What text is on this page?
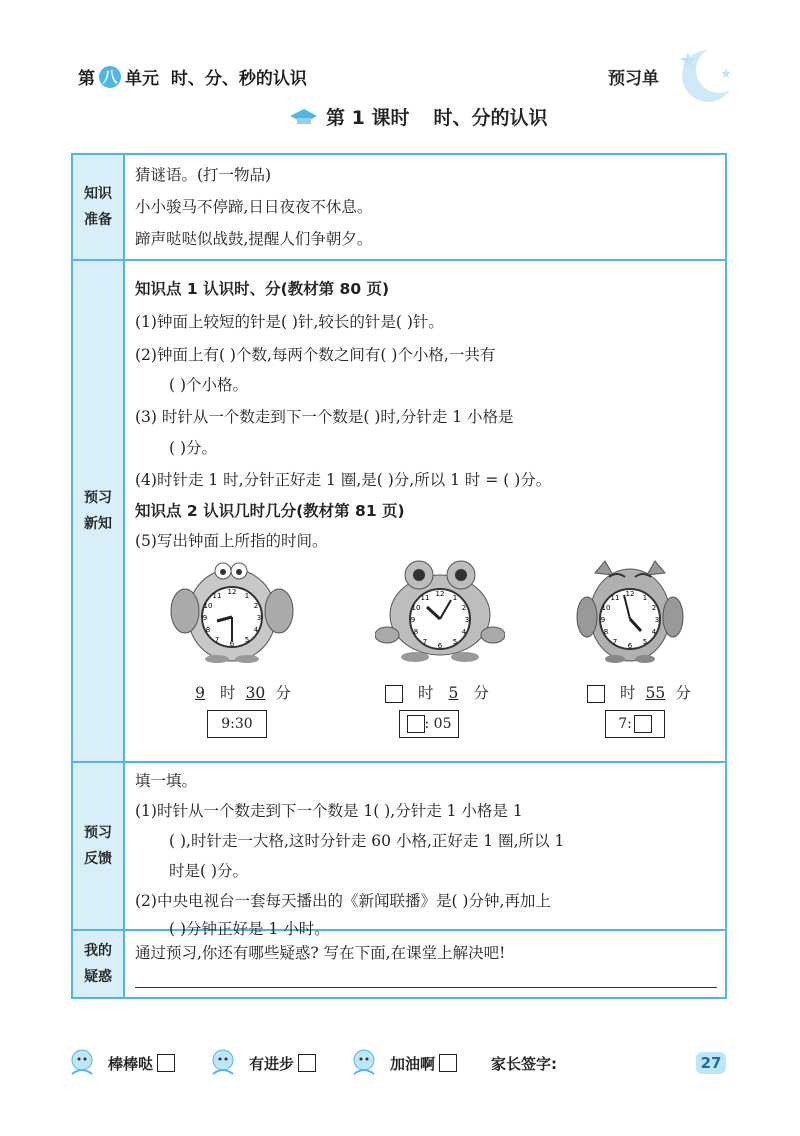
第 八 单元  时、分、秒的认识	预习单
第 1 课时 时、分的认识
知识
准备
猜谜语。(打一物品)
小小骏马不停蹄,日日夜夜不休息。
蹄声哒哒似战鼓,提醒人们争朝夕。
预习
新知
知识点 1 认识时、分(教材第 80 页)
(1)钟面上较短的针是( )针,较长的针是( )针。
(2)钟面上有( )个数,每两个数之间有( )个小格,一共有
( )个小格。
(3) 时针从一个数走到下一个数是( )时,分针走 1 小格是
( )分。
(4)时针走 1 时,分针正好走 1 圈,是( )分,所以 1 时 = ( )分。
知识点 2 认识几时几分(教材第 81 页)
(5)写出钟面上所指的时间。
12 1
2
3
4
5
6
7
8
9
10
11	12 1
2
3
4
5
6
7
8
9
10
11	12 1
2
3
4
5
6
7
8
9
10
11
9 时 30 分
9:30
时 5 分
: 05
时 55 分
7:
预习
反馈
填一填。
(1)时针从一个数走到下一个数是 1( ),分针走 1 小格是 1
( ),时针走一大格,这时分针走 60 小格,正好走 1 圈,所以 1
时是( )分。
(2)中央电视台一套每天播出的《新闻联播》是( )分钟,再加上
( )分钟正好是 1 小时。
我的
疑惑
通过预习,你还有哪些疑惑? 写在下面,在课堂上解决吧!
棒棒哒	有进步	加油啊	家长签字:	27
